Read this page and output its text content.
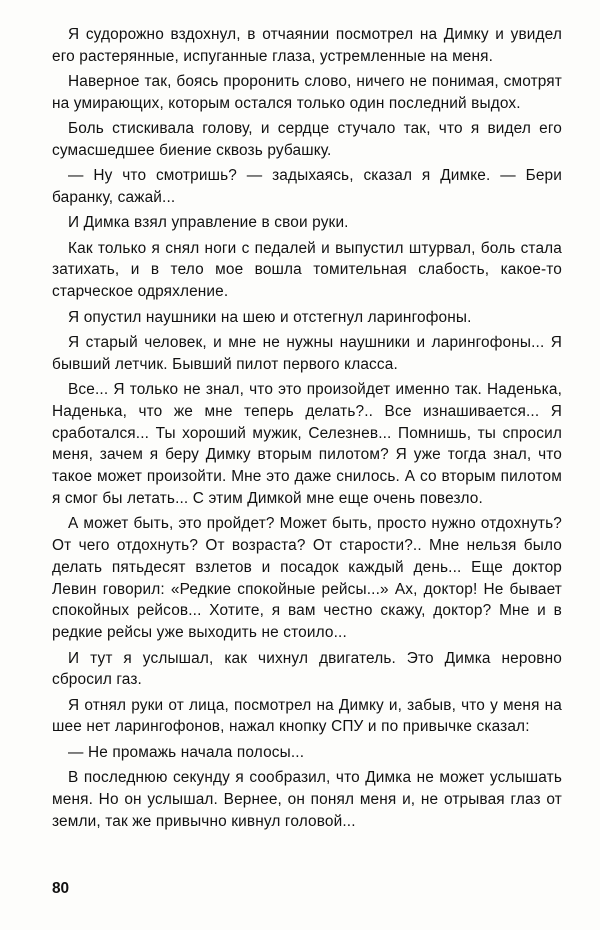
Я судорожно вздохнул, в отчаянии посмотрел на Димку и увидел его растерянные, испуганные глаза, устремленные на меня.

Наверное так, боясь проронить слово, ничего не понимая, смотрят на умирающих, которым остался только один последний выдох.

Боль стискивала голову, и сердце стучало так, что я видел его сумасшедшее биение сквозь рубашку.

— Ну что смотришь? — задыхаясь, сказал я Димке. — Бери баранку, сажай...

И Димка взял управление в свои руки.

Как только я снял ноги с педалей и выпустил штурвал, боль стала затихать, и в тело мое вошла томительная слабость, какое-то старческое одряхление.

Я опустил наушники на шею и отстегнул ларингофоны.

Я старый человек, и мне не нужны наушники и ларингофоны... Я бывший летчик. Бывший пилот первого класса.

Все... Я только не знал, что это произойдет именно так. Наденька, Наденька, что же мне теперь делать?.. Все изнашивается... Я сработался... Ты хороший мужик, Селезнев... Помнишь, ты спросил меня, зачем я беру Димку вторым пилотом? Я уже тогда знал, что такое может произойти. Мне это даже снилось. А со вторым пилотом я смог бы летать... С этим Димкой мне еще очень повезло.

А может быть, это пройдет? Может быть, просто нужно отдохнуть? От чего отдохнуть? От возраста? От старости?.. Мне нельзя было делать пятьдесят взлетов и посадок каждый день... Еще доктор Левин говорил: «Редкие спокойные рейсы...» Ах, доктор! Не бывает спокойных рейсов... Хотите, я вам честно скажу, доктор? Мне и в редкие рейсы уже выходить не стоило...

И тут я услышал, как чихнул двигатель. Это Димка неровно сбросил газ.

Я отнял руки от лица, посмотрел на Димку и, забыв, что у меня на шее нет ларингофонов, нажал кнопку СПУ и по привычке сказал:

— Не промажь начала полосы...

В последнюю секунду я сообразил, что Димка не может услышать меня. Но он услышал. Вернее, он понял меня и, не отрывая глаз от земли, так же привычно кивнул головой...

80
